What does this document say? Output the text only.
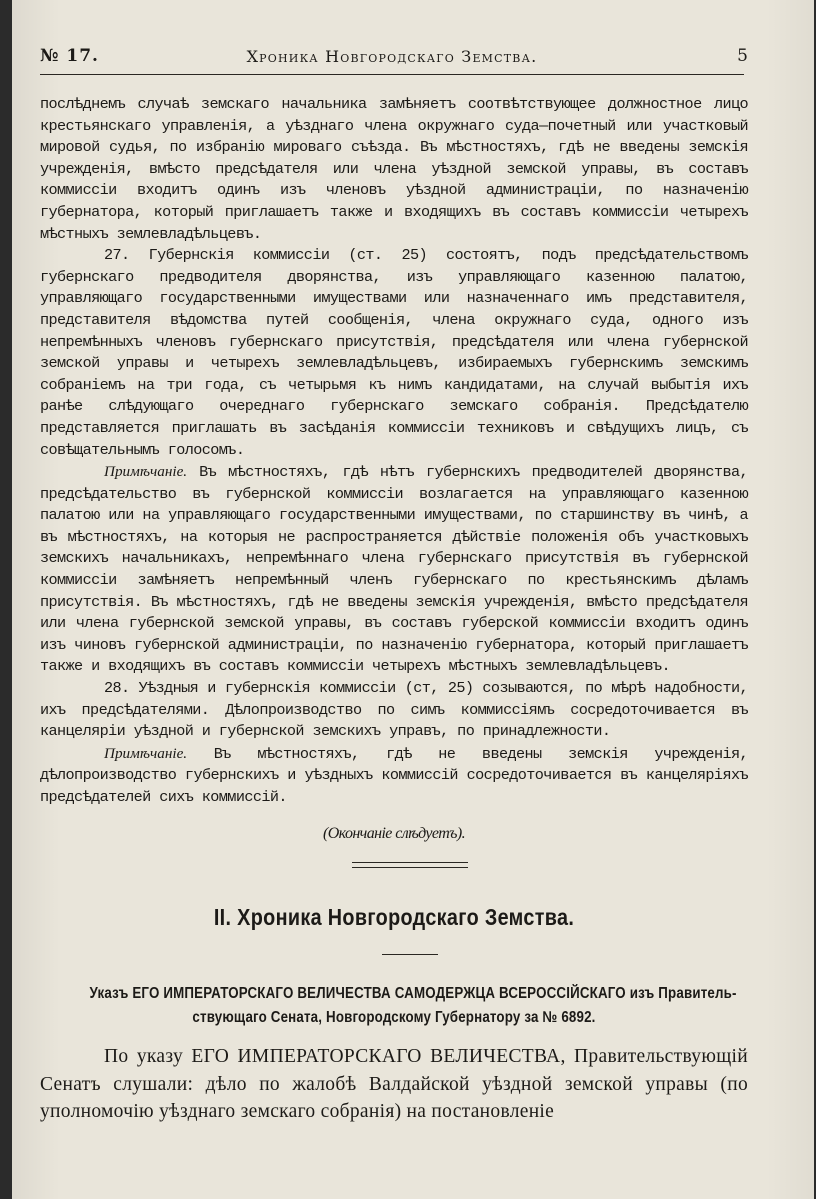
№ 17.	Хроника Новгородскаго Земства.	5

послѣднемъ случаѣ земскаго начальника замѣняетъ соотвѣтствующее должностное лицо крестьянскаго управленія, а уѣзднаго члена окружнаго суда—почетный или участковый мировой судья, по избранію мироваго съѣзда. Въ мѣстностяхъ, гдѣ не введены земскія учрежденія, вмѣсто предсѣдателя или члена уѣздной земской управы, въ составъ коммиссіи входитъ одинъ изъ членовъ уѣздной администраціи, по назначенію губернатора, который приглашаетъ также и входящихъ въ составъ коммиссіи четырехъ мѣстныхъ землевладѣльцевъ.

27. Губернскія коммиссіи (ст. 25) состоятъ, подъ предсѣдательствомъ губернскаго предводителя дворянства, изъ управляющаго казенною палатою, управляющаго государственными имуществами или назначеннаго имъ представителя, представителя вѣдомства путей сообщенія, члена окружнаго суда, одного изъ непремѣнныхъ членовъ губернскаго присутствія, предсѣдателя или члена губернской земской управы и четырехъ землевладѣльцевъ, избираемыхъ губернскимъ земскимъ собраніемъ на три года, съ четырьмя къ нимъ кандидатами, на случай выбытія ихъ ранѣе слѣдующаго очереднаго губернскаго земскаго собранія. Предсѣдателю представляется приглашать въ засѣданія коммиссіи техниковъ и свѣдущихъ лицъ, съ совѣщательнымъ голосомъ.

Примѣчаніе. Въ мѣстностяхъ, гдѣ нѣтъ губернскихъ предводителей дворянства, предсѣдательство въ губернской коммиссіи возлагается на управляющаго казенною палатою или на управляющаго государственными имуществами, по старшинству въ чинѣ, а въ мѣстностяхъ, на которыя не распространяется дѣйствіе положенія объ участковыхъ земскихъ начальникахъ, непремѣннаго члена губернскаго присутствія въ губернской коммиссіи замѣняетъ непремѣнный членъ губернскаго по крестьянскимъ дѣламъ присутствія. Въ мѣстностяхъ, гдѣ не введены земскія учрежденія, вмѣсто предсѣдателя или члена губернской земской управы, въ составъ губерской коммиссіи входитъ одинъ изъ чиновъ губернской администраціи, по назначенію губернатора, который приглашаетъ также и входящихъ въ составъ коммиссіи четырехъ мѣстныхъ землевладѣльцевъ.

28. Уѣздныя и губернскія коммиссіи (ст, 25) созываются, по мѣрѣ надобности, ихъ предсѣдателями. Дѣлопроизводство по симъ коммиссіямъ сосредоточивается въ канцеляріи уѣздной и губернской земскихъ управъ, по принадлежности.

Примѣчаніе. Въ мѣстностяхъ, гдѣ не введены земскія учрежденія, дѣлопроизводство губернскихъ и уѣздныхъ коммиссій сосредоточивается въ канцеляріяхъ предсѣдателей сихъ коммиссій.

(Окончаніе слѣдуетъ).

II. Хроника Новгородскаго Земства.
Указъ ЕГО ИМПЕРАТОРСКАГО ВЕЛИЧЕСТВА САМОДЕРЖЦА ВСЕРОССІЙСКАГО изъ Правитель-
ствующаго Сената, Новгородскому Губернатору за № 6892.

По указу ЕГО ИМПЕРАТОРСКАГО ВЕЛИЧЕСТВА, Правительствующій Сенатъ слушали: дѣло по жалобѣ Валдайской уѣздной земской управы (по уполномочію уѣзднаго земскаго собранія) на постановленіе
